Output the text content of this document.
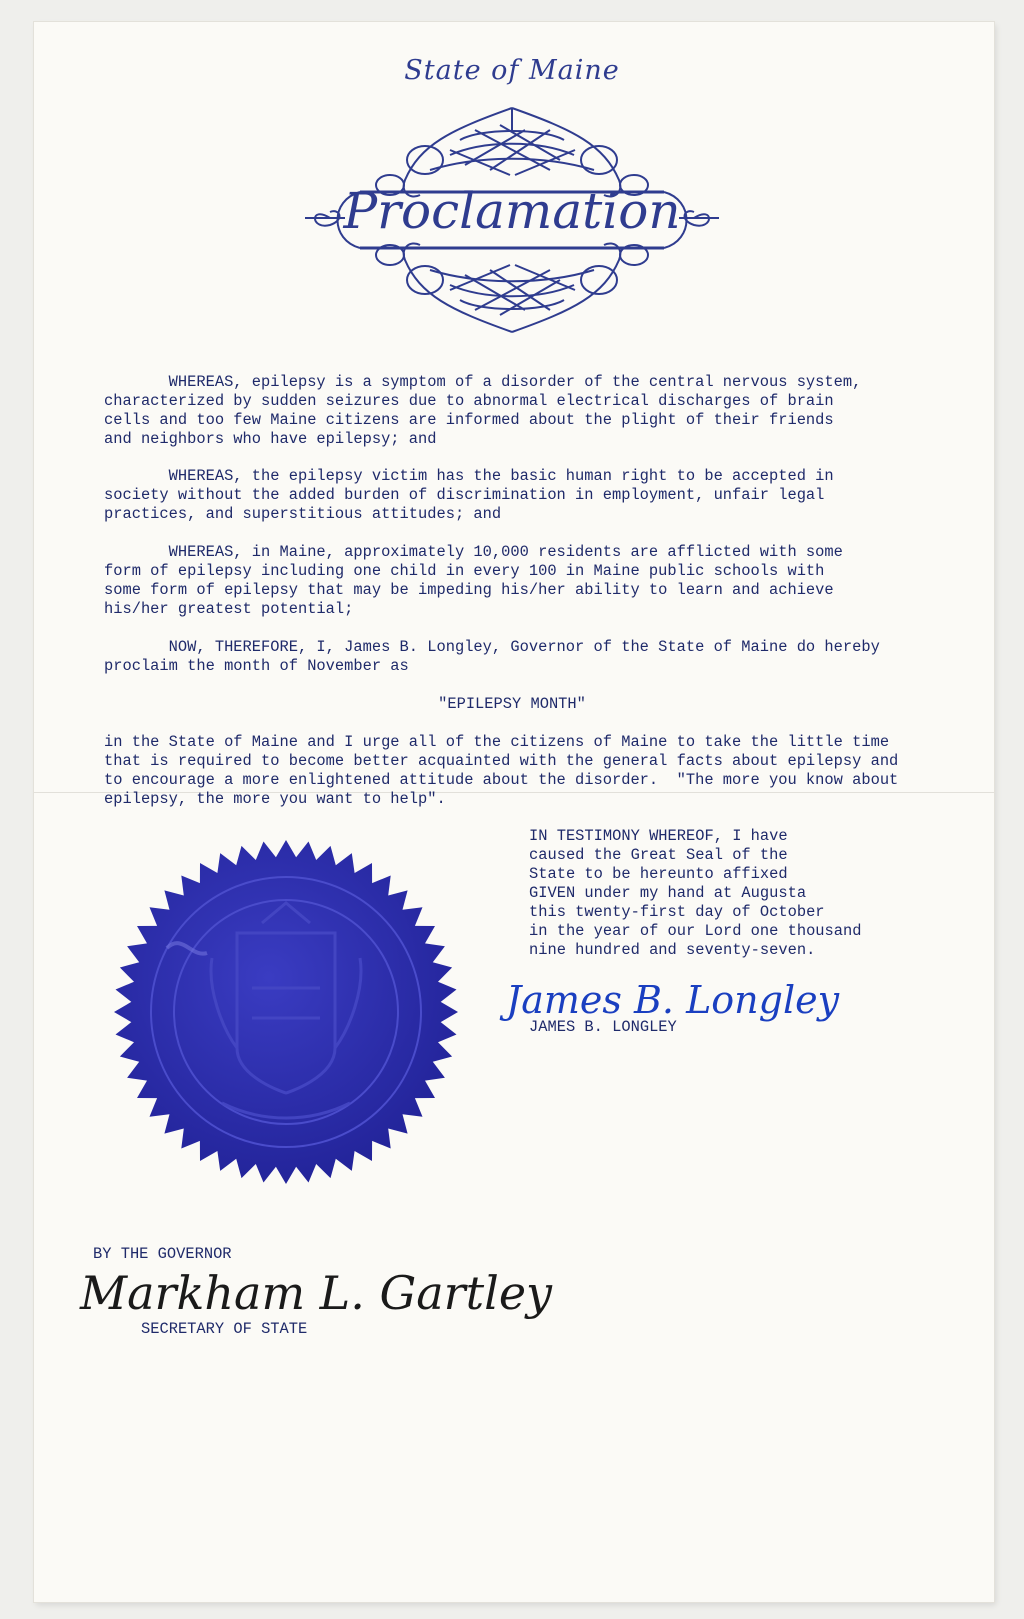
State of Maine
Proclamation
WHEREAS, epilepsy is a symptom of a disorder of the central nervous system,
characterized by sudden seizures due to abnormal electrical discharges of brain
cells and too few Maine citizens are informed about the plight of their friends
and neighbors who have epilepsy; and
WHEREAS, the epilepsy victim has the basic human right to be accepted in
society without the added burden of discrimination in employment, unfair legal
practices, and superstitious attitudes; and
WHEREAS, in Maine, approximately 10,000 residents are afflicted with some
form of epilepsy including one child in every 100 in Maine public schools with
some form of epilepsy that may be impeding his/her ability to learn and achieve
his/her greatest potential;
NOW, THEREFORE, I, James B. Longley, Governor of the State of Maine do hereby
proclaim the month of November as
"EPILEPSY MONTH"
in the State of Maine and I urge all of the citizens of Maine to take the little time
that is required to become better acquainted with the general facts about epilepsy and
to encourage a more enlightened attitude about the disorder.  "The more you know about
epilepsy, the more you want to help".
IN TESTIMONY WHEREOF, I have
caused the Great Seal of the
State to be hereunto affixed
GIVEN under my hand at Augusta
this twenty-first day of October
in the year of our Lord one thousand
nine hundred and seventy-seven.
James B. Longley
JAMES B. LONGLEY
BY THE GOVERNOR
Markham L. Gartley
SECRETARY OF STATE
